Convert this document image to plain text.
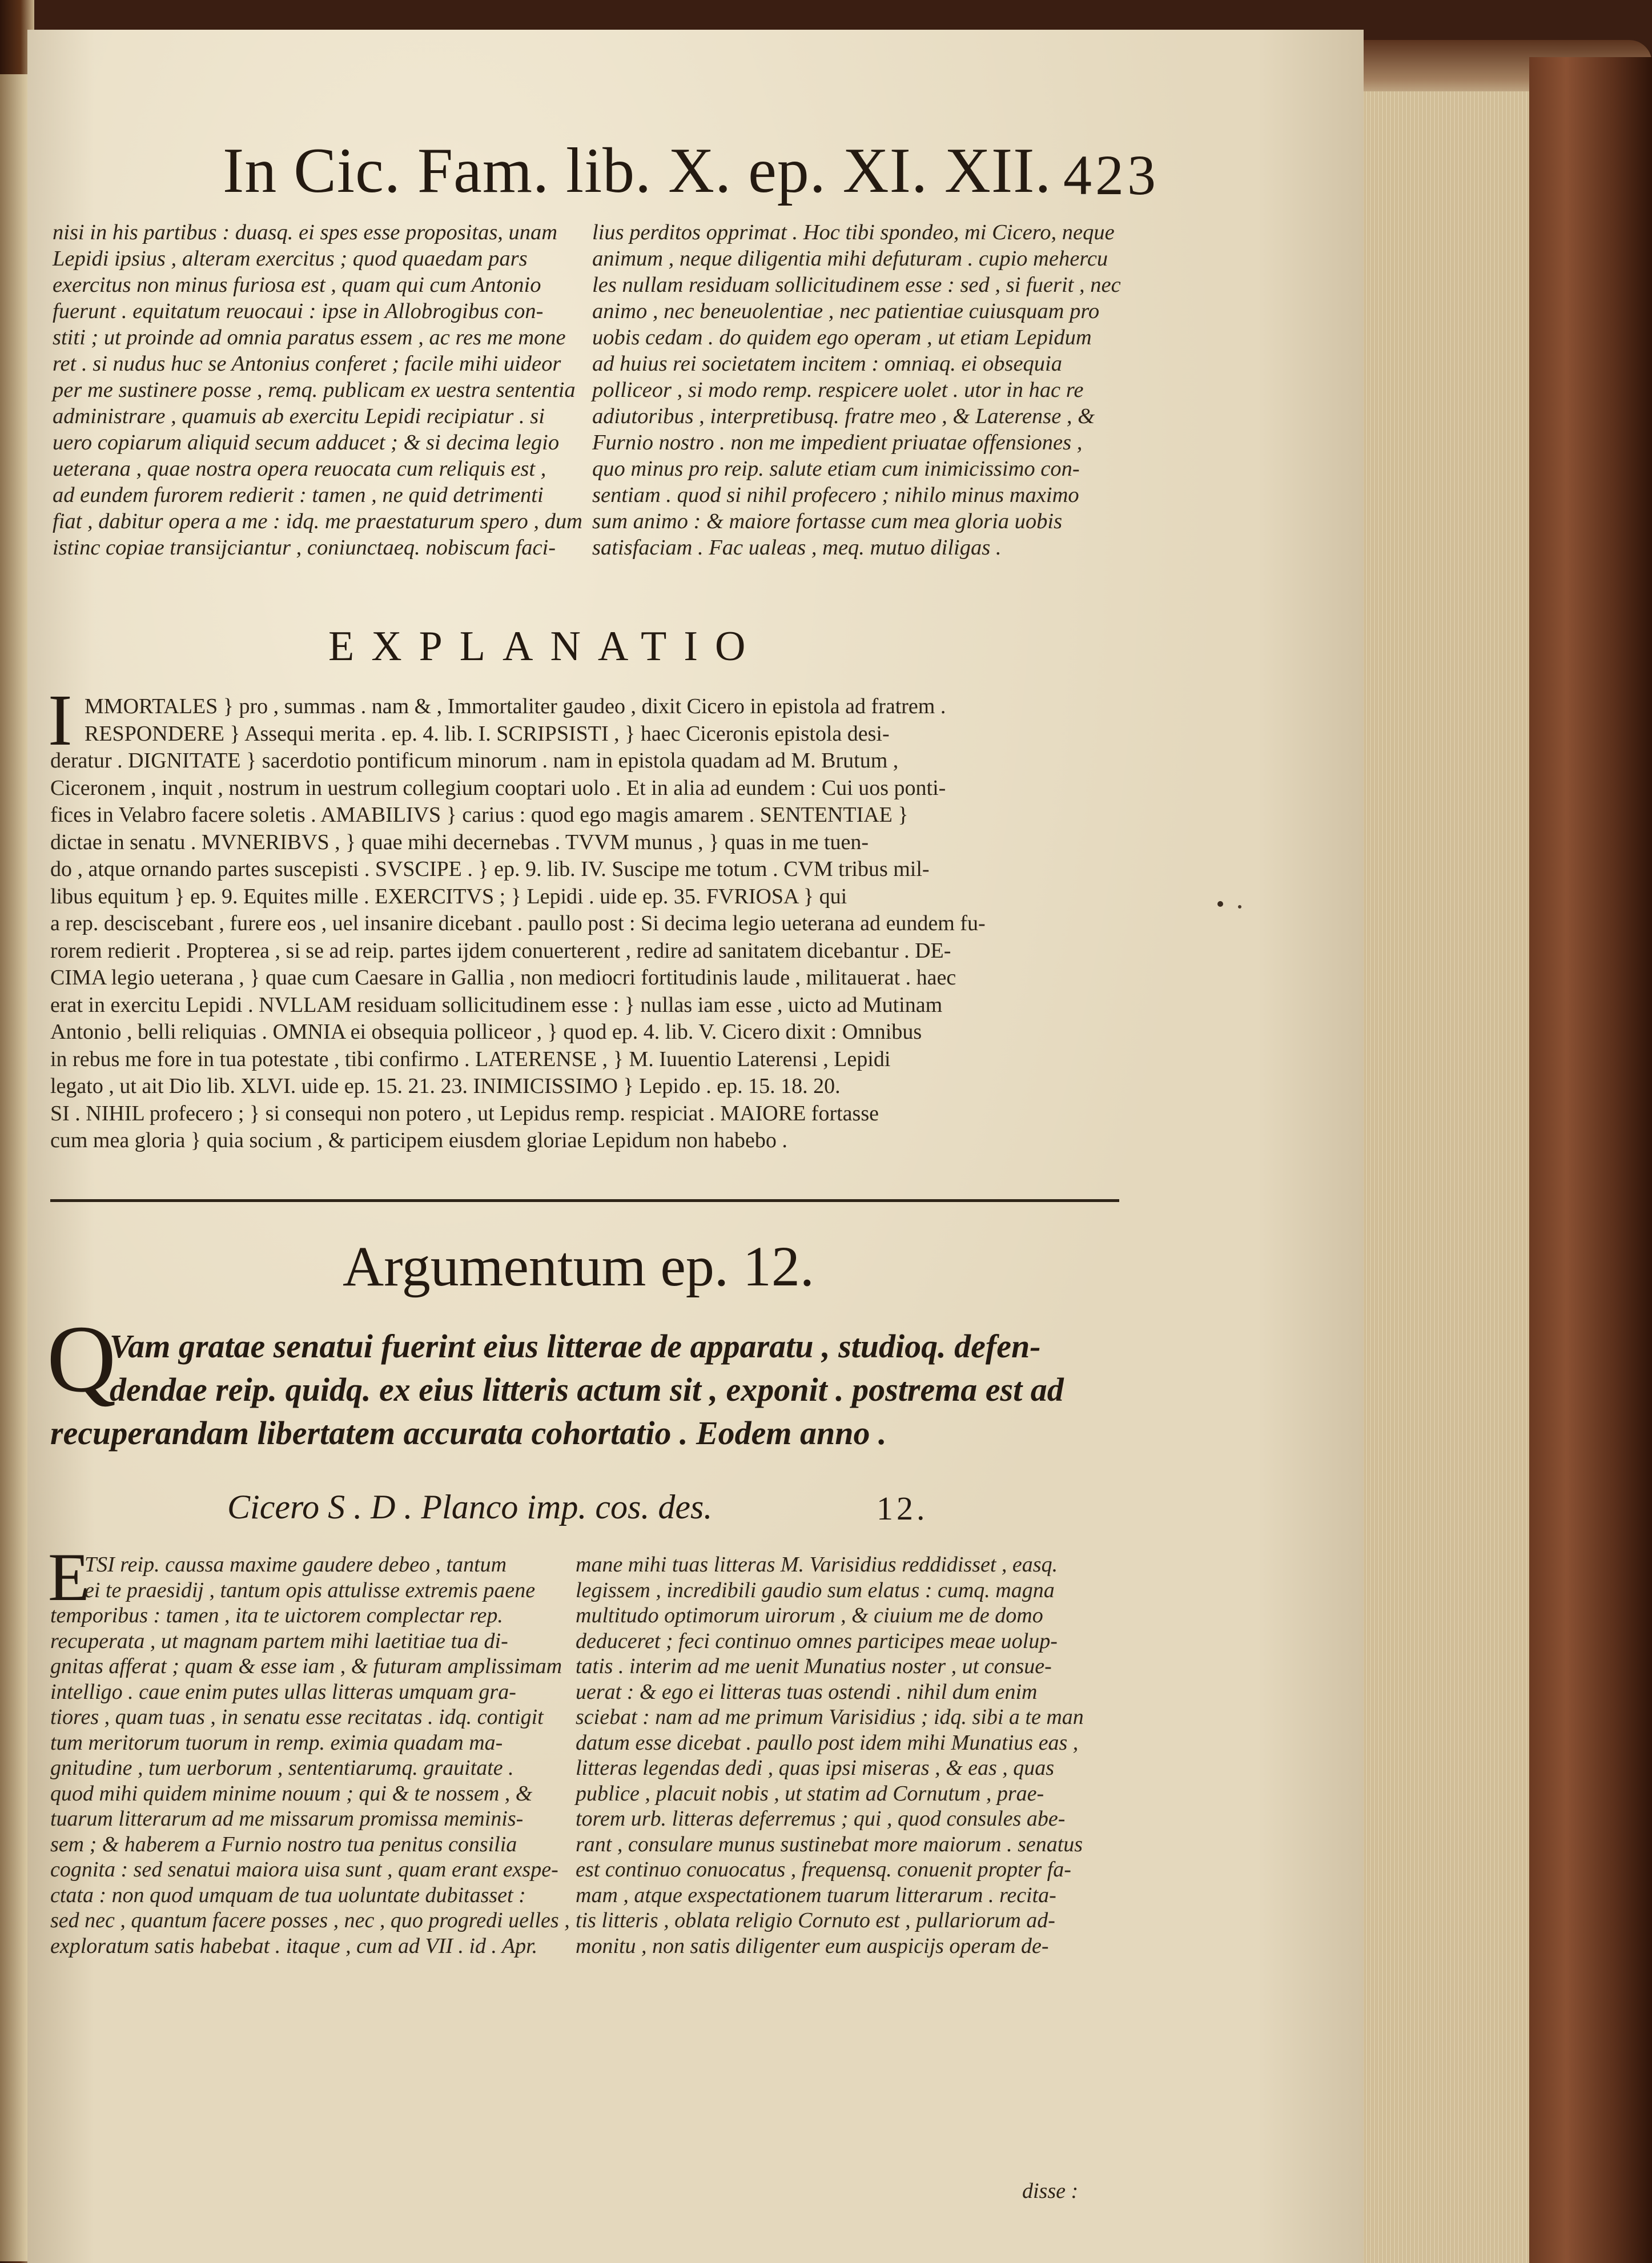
In Cic. Fam. lib. X. ep. XI. XII. 423
nisi in his partibus : duasq. ei spes esse propositas, unam
Lepidi ipsius , alteram exercitus ; quod quaedam pars
exercitus non minus furiosa est , quam qui cum Antonio
fuerunt . equitatum reuocaui : ipse in Allobrogibus con-
stiti ; ut proinde ad omnia paratus essem , ac res me mone
ret . si nudus huc se Antonius conferet ; facile mihi uideor
per me sustinere posse , remq. publicam ex uestra sententia
administrare , quamuis ab exercitu Lepidi recipiatur . si
uero copiarum aliquid secum adducet ; & si decima legio
ueterana , quae nostra opera reuocata cum reliquis est ,
ad eundem furorem redierit : tamen , ne quid detrimenti
fiat , dabitur opera a me : idq. me praestaturum spero , dum
istinc copiae transijciantur , coniunctaeq. nobiscum faci-
lius perditos opprimat . Hoc tibi spondeo, mi Cicero, neque
animum , neque diligentia mihi defuturam . cupio mehercu
les nullam residuam sollicitudinem esse : sed , si fuerit , nec
animo , nec beneuolentiae , nec patientiae cuiusquam pro
uobis cedam . do quidem ego operam , ut etiam Lepidum
ad huius rei societatem incitem : omniaq. ei obsequia
polliceor , si modo remp. respicere uolet . utor in hac re
adiutoribus , interpretibusq. fratre meo , & Laterense , &
Furnio nostro . non me impedient priuatae offensiones ,
quo minus pro reip. salute etiam cum inimicissimo con-
sentiam . quod si nihil profecero ; nihilo minus maximo
sum animo : & maiore fortasse cum mea gloria uobis
satisfaciam . Fac ualeas , meq. mutuo diligas .
EXPLANATIO
I MMORTALES } pro , summas . nam & , Immortaliter gaudeo , dixit Cicero in epistola ad fratrem .
RESPONDERE } Assequi merita . ep. 4. lib. I. SCRIPSISTI , } haec Ciceronis epistola desi-
deratur . DIGNITATE } sacerdotio pontificum minorum . nam in epistola quadam ad M. Brutum ,
Ciceronem , inquit , nostrum in uestrum collegium cooptari uolo . Et in alia ad eundem : Cui uos ponti-
fices in Velabro facere soletis . AMABILIVS } carius : quod ego magis amarem . SENTENTIAE }
dictae in senatu . MVNERIBVS , } quae mihi decernebas . TVVM munus , } quas in me tuen-
do , atque ornando partes suscepisti . SVSCIPE . } ep. 9. lib. IV. Suscipe me totum . CVM tribus mil-
libus equitum } ep. 9. Equites mille . EXERCITVS ; } Lepidi . uide ep. 35. FVRIOSA } qui
a rep. desciscebant , furere eos , uel insanire dicebant . paullo post : Si decima legio ueterana ad eundem fu-
rorem redierit . Propterea , si se ad reip. partes ijdem conuerterent , redire ad sanitatem dicebantur . DE-
CIMA legio ueterana , } quae cum Caesare in Gallia , non mediocri fortitudinis laude , militauerat . haec
erat in exercitu Lepidi . NVLLAM residuam sollicitudinem esse : } nullas iam esse , uicto ad Mutinam
Antonio , belli reliquias . OMNIA ei obsequia polliceor , } quod ep. 4. lib. V. Cicero dixit : Omnibus
in rebus me fore in tua potestate , tibi confirmo . LATERENSE , } M. Iuuentio Laterensi , Lepidi
legato , ut ait Dio lib. XLVI. uide ep. 15. 21. 23. INIMICISSIMO } Lepido . ep. 15. 18. 20.
SI . NIHIL profecero ; } si consequi non potero , ut Lepidus remp. respiciat . MAIORE fortasse
cum mea gloria } quia socium , & participem eiusdem gloriae Lepidum non habebo .
Argumentum ep. 12.
Q
Vam gratae senatui fuerint eius litterae de apparatu , studioq. defen-
dendae reip. quidq. ex eius litteris actum sit , exponit . postrema est ad
recuperandam libertatem accurata cohortatio . Eodem anno .
Cicero S . D . Planco imp. cos. des.	12.
E
TSI reip. caussa maxime gaudere debeo , tantum
ei te praesidij , tantum opis attulisse extremis paene
temporibus : tamen , ita te uictorem complectar rep.
recuperata , ut magnam partem mihi laetitiae tua di-
gnitas afferat ; quam & esse iam , & futuram amplissimam
intelligo . caue enim putes ullas litteras umquam gra-
tiores , quam tuas , in senatu esse recitatas . idq. contigit
tum meritorum tuorum in remp. eximia quadam ma-
gnitudine , tum uerborum , sententiarumq. grauitate .
quod mihi quidem minime nouum ; qui & te nossem , &
tuarum litterarum ad me missarum promissa meminis-
sem ; & haberem a Furnio nostro tua penitus consilia
cognita : sed senatui maiora uisa sunt , quam erant exspe-
ctata : non quod umquam de tua uoluntate dubitasset :
sed nec , quantum facere posses , nec , quo progredi uelles ,
exploratum satis habebat . itaque , cum ad VII . id . Apr.
mane mihi tuas litteras M. Varisidius reddidisset , easq.
legissem , incredibili gaudio sum elatus : cumq. magna
multitudo optimorum uirorum , & ciuium me de domo
deduceret ; feci continuo omnes participes meae uolup-
tatis . interim ad me uenit Munatius noster , ut consue-
uerat : & ego ei litteras tuas ostendi . nihil dum enim
sciebat : nam ad me primum Varisidius ; idq. sibi a te man
datum esse dicebat . paullo post idem mihi Munatius eas ,
litteras legendas dedi , quas ipsi miseras , & eas , quas
publice , placuit nobis , ut statim ad Cornutum , prae-
torem urb. litteras deferremus ; qui , quod consules abe-
rant , consulare munus sustinebat more maiorum . senatus
est continuo conuocatus , frequensq. conuenit propter fa-
mam , atque exspectationem tuarum litterarum . recita-
tis litteris , oblata religio Cornuto est , pullariorum ad-
monitu , non satis diligenter eum auspicijs operam de-
disse :
